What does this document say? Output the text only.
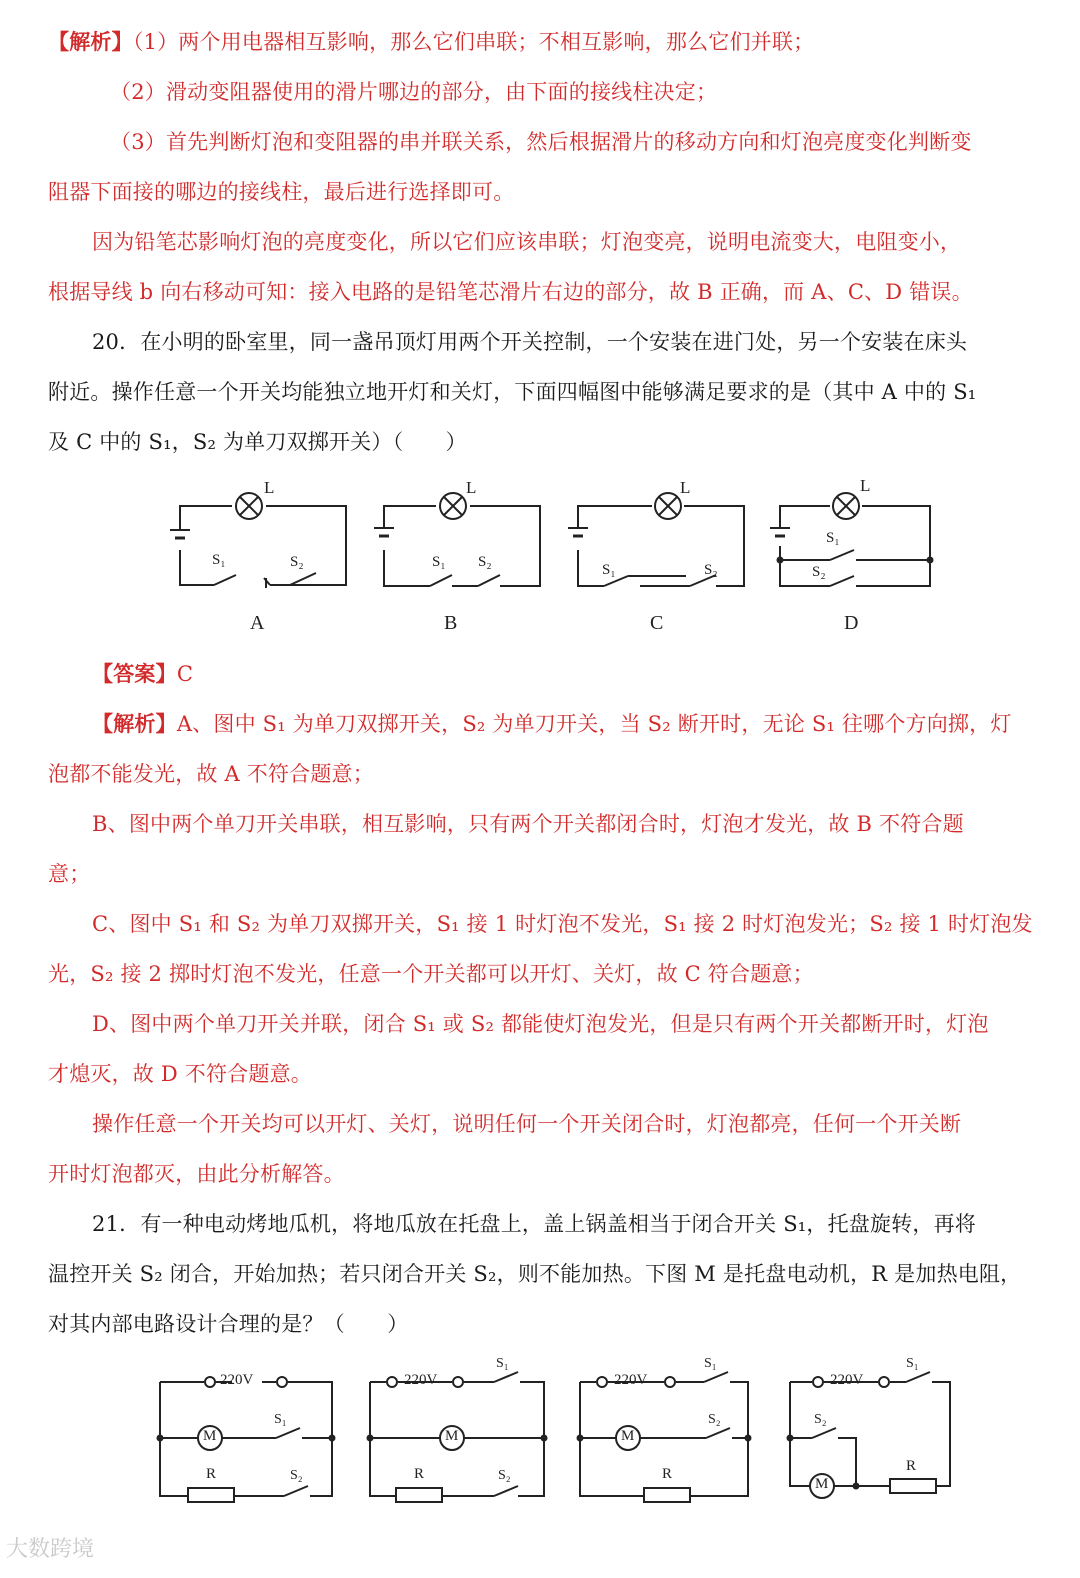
【解析】（1）两个用电器相互影响，那么它们串联；不相互影响，那么它们并联；
（2）滑动变阻器使用的滑片哪边的部分，由下面的接线柱决定；
（3）首先判断灯泡和变阻器的串并联关系，然后根据滑片的移动方向和灯泡亮度变化判断变
阻器下面接的哪边的接线柱，最后进行选择即可。
因为铅笔芯影响灯泡的亮度变化，所以它们应该串联；灯泡变亮，说明电流变大，电阻变小，
根据导线 b 向右移动可知：接入电路的是铅笔芯滑片右边的部分，故 B 正确，而 A、C、D 错误。
20．在小明的卧室里，同一盏吊顶灯用两个开关控制，一个安装在进门处，另一个安装在床头
附近。操作任意一个开关均能独立地开灯和关灯，下面四幅图中能够满足要求的是（其中 A 中的 S₁
及 C 中的 S₁，S₂ 为单刀双掷开关）（　　）
L	L	L	L
S₁	S₂	S₁ S₂	S₁	S₂
S₁
S₂
A	B	C	D
【答案】C
【解析】A、图中 S₁ 为单刀双掷开关，S₂ 为单刀开关，当 S₂ 断开时，无论 S₁ 往哪个方向掷，灯
泡都不能发光，故 A 不符合题意；
B、图中两个单刀开关串联，相互影响，只有两个开关都闭合时，灯泡才发光，故 B 不符合题
意；
C、图中 S₁ 和 S₂ 为单刀双掷开关，S₁ 接 1 时灯泡不发光，S₁ 接 2 时灯泡发光；S₂ 接 1 时灯泡发
光，S₂ 接 2 掷时灯泡不发光，任意一个开关都可以开灯、关灯，故 C 符合题意；
D、图中两个单刀开关并联，闭合 S₁ 或 S₂ 都能使灯泡发光，但是只有两个开关都断开时，灯泡
才熄灭，故 D 不符合题意。
操作任意一个开关均可以开灯、关灯，说明任何一个开关闭合时，灯泡都亮，任何一个开关断
开时灯泡都灭，由此分析解答。
21．有一种电动烤地瓜机，将地瓜放在托盘上，盖上锅盖相当于闭合开关 S₁，托盘旋转，再将
温控开关 S₂ 闭合，开始加热；若只闭合开关 S₂，则不能加热。下图 M 是托盘电动机，R 是加热电阻，
对其内部电路设计合理的是？（　　）
220V	220V	220V	220V
M	M	M
M
R	R	R	R
S₁
S₂
S₁
S₂
S₁
S₂
S₁
S₂
大数跨境
